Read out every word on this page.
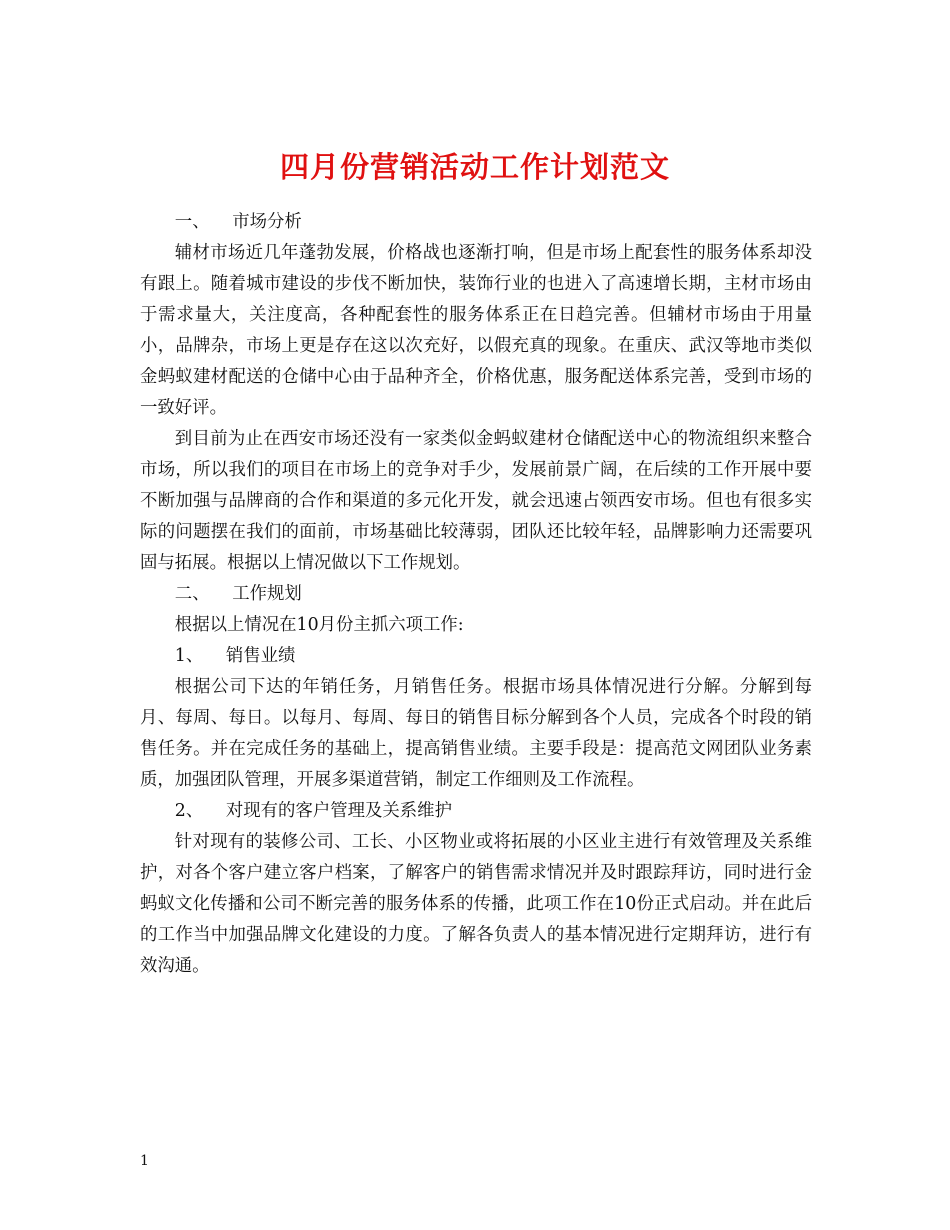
四月份营销活动工作计划范文

一、 市场分析

辅材市场近几年蓬勃发展，价格战也逐渐打响，但是市场上配套性的服务体系却没有跟上。随着城市建设的步伐不断加快，装饰行业的也进入了高速增长期，主材市场由于需求量大，关注度高，各种配套性的服务体系正在日趋完善。但辅材市场由于用量小，品牌杂，市场上更是存在这以次充好，以假充真的现象。在重庆、武汉等地市类似金蚂蚁建材配送的仓储中心由于品种齐全，价格优惠，服务配送体系完善，受到市场的一致好评。

到目前为止在西安市场还没有一家类似金蚂蚁建材仓储配送中心的物流组织来整合市场，所以我们的项目在市场上的竞争对手少，发展前景广阔，在后续的工作开展中要不断加强与品牌商的合作和渠道的多元化开发，就会迅速占领西安市场。但也有很多实际的问题摆在我们的面前，市场基础比较薄弱，团队还比较年轻，品牌影响力还需要巩固与拓展。根据以上情况做以下工作规划。

二、 工作规划

根据以上情况在10月份主抓六项工作:

1、 销售业绩

根据公司下达的年销任务，月销售任务。根据市场具体情况进行分解。分解到每月、每周、每日。以每月、每周、每日的销售目标分解到各个人员，完成各个时段的销售任务。并在完成任务的基础上，提高销售业绩。主要手段是：提高范文网团队业务素质，加强团队管理，开展多渠道营销，制定工作细则及工作流程。

2、 对现有的客户管理及关系维护

针对现有的装修公司、工长、小区物业或将拓展的小区业主进行有效管理及关系维护，对各个客户建立客户档案，了解客户的销售需求情况并及时跟踪拜访，同时进行金蚂蚁文化传播和公司不断完善的服务体系的传播，此项工作在10份正式启动。并在此后的工作当中加强品牌文化建设的力度。了解各负责人的基本情况进行定期拜访，进行有效沟通。

1
